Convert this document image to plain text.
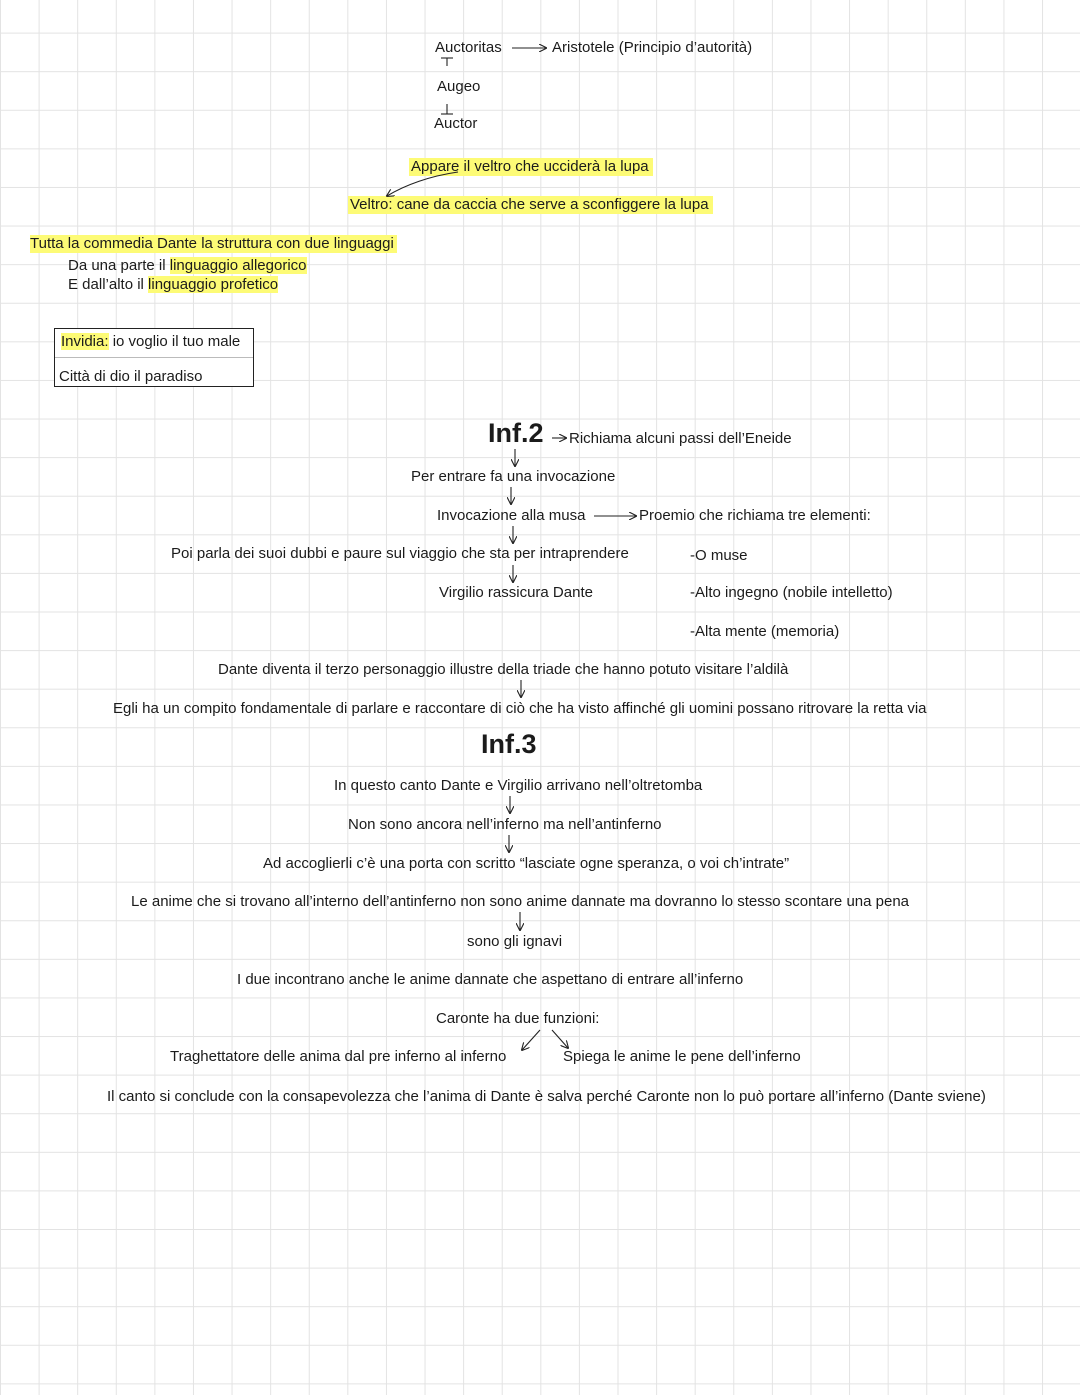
Auctoritas	Aristotele (Principio d’autorità)
Augeo
Auctor
Appare il veltro che ucciderà la lupa
Veltro: cane da caccia che serve a sconfiggere la lupa
Tutta la commedia Dante la struttura con due linguaggi
Da una parte il linguaggio allegorico
E dall’alto il linguaggio profetico
Invidia: io voglio il tuo male
Città di dio il paradiso
Inf.2 Richiama alcuni passi dell’Eneide
Per entrare fa una invocazione
Invocazione alla musa	Proemio che richiama tre elementi:
Poi parla dei suoi dubbi e paure sul viaggio che sta per intraprendere	-O muse
Virgilio rassicura Dante	-Alto ingegno (nobile intelletto)
-Alta mente (memoria)
Dante diventa il terzo personaggio illustre della triade che hanno potuto visitare l’aldilà
Egli ha un compito fondamentale di parlare e raccontare di ciò che ha visto affinché gli uomini possano ritrovare la retta via
Inf.3
In questo canto Dante e Virgilio arrivano nell’oltretomba
Non sono ancora nell’inferno ma nell’antinferno
Ad accoglierli c’è una porta con scritto “lasciate ogne speranza, o voi ch’intrate”
Le anime che si trovano all’interno dell’antinferno non sono anime dannate ma dovranno lo stesso scontare una pena
sono gli ignavi
I due incontrano anche le anime dannate che aspettano di entrare all’inferno
Caronte ha due funzioni:
Traghettatore delle anima dal pre inferno al inferno	Spiega le anime le pene dell’inferno
Il canto si conclude con la consapevolezza che l’anima di Dante è salva perché Caronte non lo può portare all’inferno (Dante sviene)
